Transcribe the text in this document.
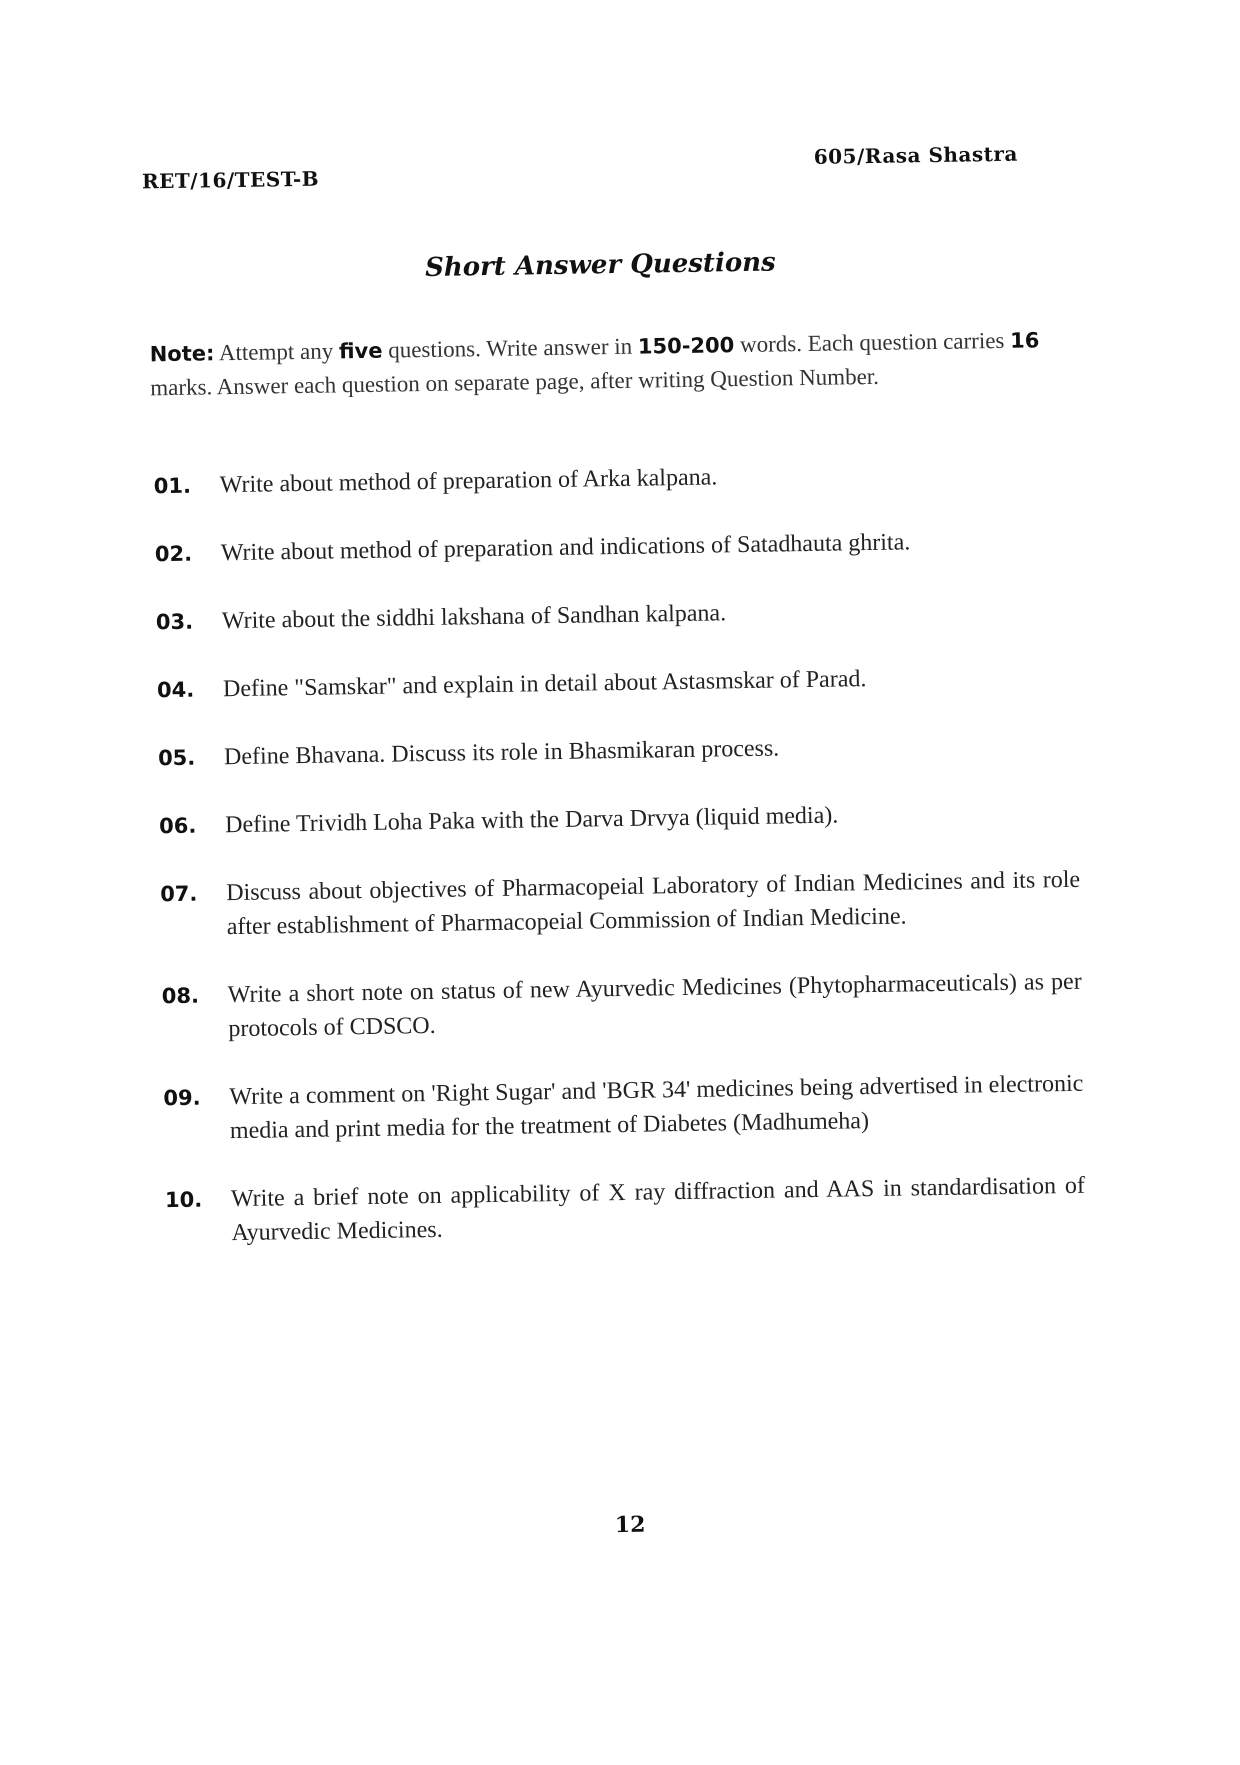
RET/16/TEST-B
605/Rasa Shastra
Short Answer Questions
Note: Attempt any five questions. Write answer in 150-200 words. Each question carries 16 marks. Answer each question on separate page, after writing Question Number.
01.	Write about method of preparation of Arka kalpana.
02.	Write about method of preparation and indications of Satadhauta ghrita.
03.	Write about the siddhi lakshana of Sandhan kalpana.
04.	Define "Samskar" and explain in detail about Astasmskar of Parad.
05.	Define Bhavana. Discuss its role in Bhasmikaran process.
06.	Define Trividh Loha Paka with the Darva Drvya (liquid media).
07.	Discuss about objectives of Pharmacopeial Laboratory of Indian Medicines and its role after establishment of Pharmacopeial Commission of Indian Medicine.
08.	Write a short note on status of new Ayurvedic Medicines (Phytopharmaceuticals) as per protocols of CDSCO.
09.	Write a comment on 'Right Sugar' and 'BGR 34' medicines being advertised in electronic media and print media for the treatment of Diabetes (Madhumeha)
10.	Write a brief note on applicability of X ray diffraction and AAS in standardisation of Ayurvedic Medicines.
12
